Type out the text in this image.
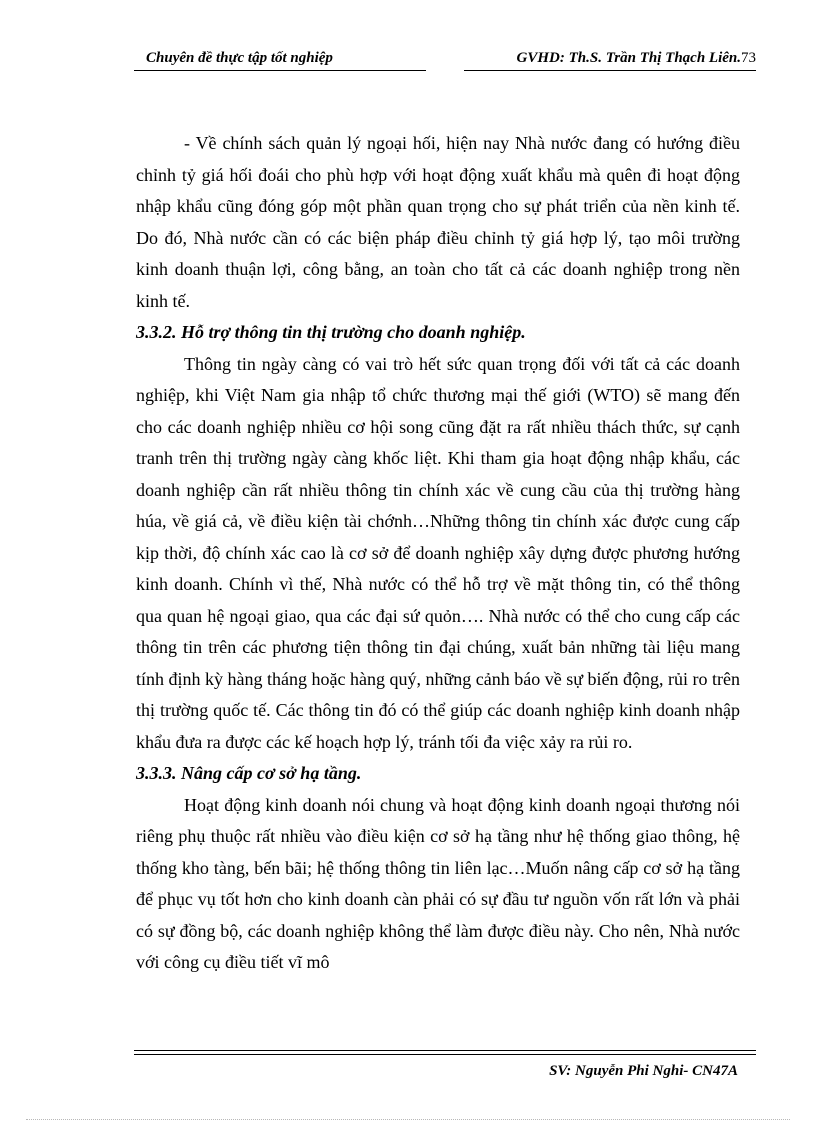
Chuyên đề thực tập tốt nghiệp	GVHD: Th.S. Trần Thị Thạch Liên.73

- Về chính sách quản lý ngoại hối, hiện nay Nhà nước đang có hướng điều chỉnh tỷ giá hối đoái cho phù hợp với hoạt động xuất khẩu mà quên đi hoạt động nhập khẩu cũng đóng góp một phần quan trọng cho sự phát triển của nền kinh tế. Do đó, Nhà nước cần có các biện pháp điều chỉnh tỷ giá hợp lý, tạo môi trường kinh doanh thuận lợi, công bằng, an toàn cho tất cả các doanh nghiệp trong nền kinh tế.

3.3.2. Hỗ trợ thông tin thị trường cho doanh nghiệp.

Thông tin ngày càng có vai trò hết sức quan trọng đối với tất cả các doanh nghiệp, khi Việt Nam gia nhập tổ chức thương mại thế giới (WTO) sẽ mang đến cho các doanh nghiệp nhiều cơ hội song cũng đặt ra rất nhiều thách thức, sự cạnh tranh trên thị trường ngày càng khốc liệt. Khi tham gia hoạt động nhập khẩu, các doanh nghiệp cần rất nhiều thông tin chính xác về cung cầu của thị trường hàng húa, về giá cả, về điều kiện tài chớnh…Những thông tin chính xác được cung cấp kịp thời, độ chính xác cao là cơ sở để doanh nghiệp xây dựng được phương hướng kinh doanh. Chính vì thế, Nhà nước có thể hỗ trợ về mặt thông tin, có thể thông qua quan hệ ngoại giao, qua các đại sứ quỏn…. Nhà nước có thể cho cung cấp các thông tin trên các phương tiện thông tin đại chúng, xuất bản những tài liệu mang tính định kỳ hàng tháng hoặc hàng quý, những cảnh báo về sự biến động, rủi ro trên thị trường quốc tế. Các thông tin đó có thể giúp các doanh nghiệp kinh doanh nhập khẩu đưa ra được các kế hoạch hợp lý, tránh tối đa việc xảy ra rủi ro.

3.3.3. Nâng cấp cơ sở hạ tầng.

Hoạt động kinh doanh nói chung và hoạt động kinh doanh ngoại thương nói riêng phụ thuộc rất nhiều vào điều kiện cơ sở hạ tầng như hệ thống giao thông, hệ thống kho tàng, bến bãi; hệ thống thông tin liên lạc…Muốn nâng cấp cơ sở hạ tầng để phục vụ tốt hơn cho kinh doanh càn phải có sự đầu tư nguồn vốn rất lớn và phải có sự đồng bộ, các doanh nghiệp không thể làm được điều này. Cho nên, Nhà nước với công cụ điều tiết vĩ mô

SV: Nguyễn Phi Nghi- CN47A
